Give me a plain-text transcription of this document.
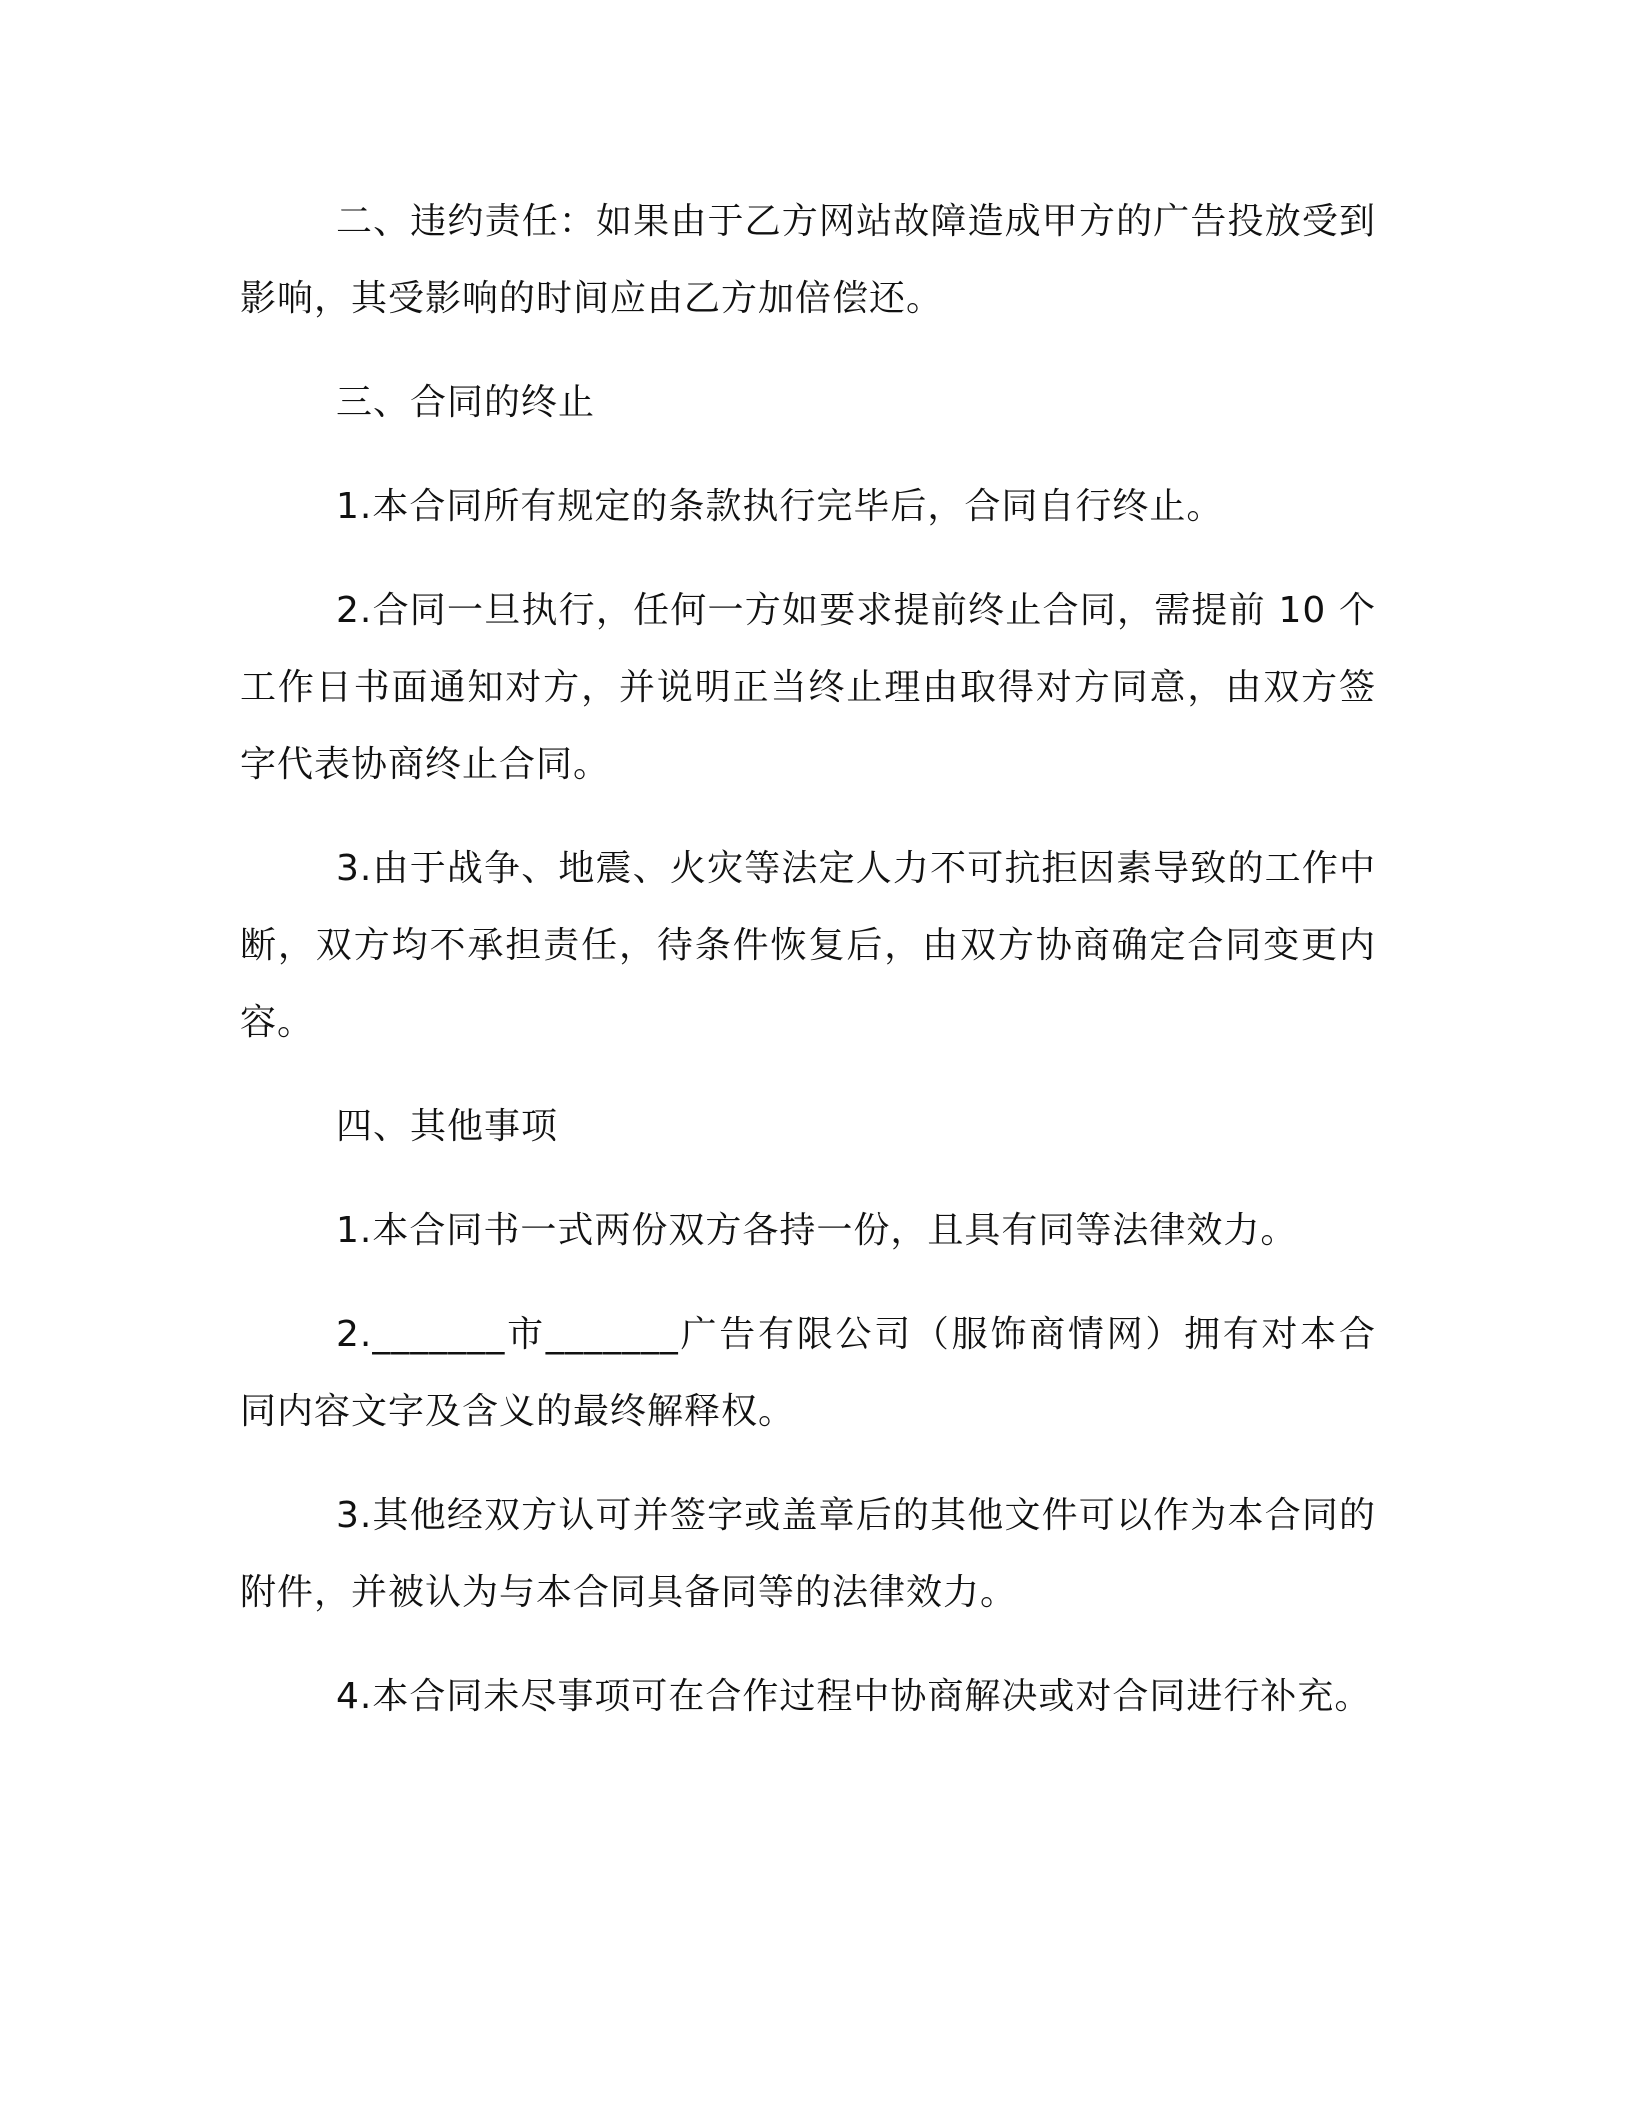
二、违约责任：如果由于乙方网站故障造成甲方的广告投放受到影响，其受影响的时间应由乙方加倍偿还。

三、合同的终止

1.本合同所有规定的条款执行完毕后，合同自行终止。

2.合同一旦执行，任何一方如要求提前终止合同，需提前 10 个工作日书面通知对方，并说明正当终止理由取得对方同意，由双方签字代表协商终止合同。

3.由于战争、地震、火灾等法定人力不可抗拒因素导致的工作中断，双方均不承担责任，待条件恢复后，由双方协商确定合同变更内容。

四、其他事项

1.本合同书一式两份双方各持一份，且具有同等法律效力。

2._______市_______广告有限公司（服饰商情网）拥有对本合同内容文字及含义的最终解释权。

3.其他经双方认可并签字或盖章后的其他文件可以作为本合同的附件，并被认为与本合同具备同等的法律效力。

4.本合同未尽事项可在合作过程中协商解决或对合同进行补充。
